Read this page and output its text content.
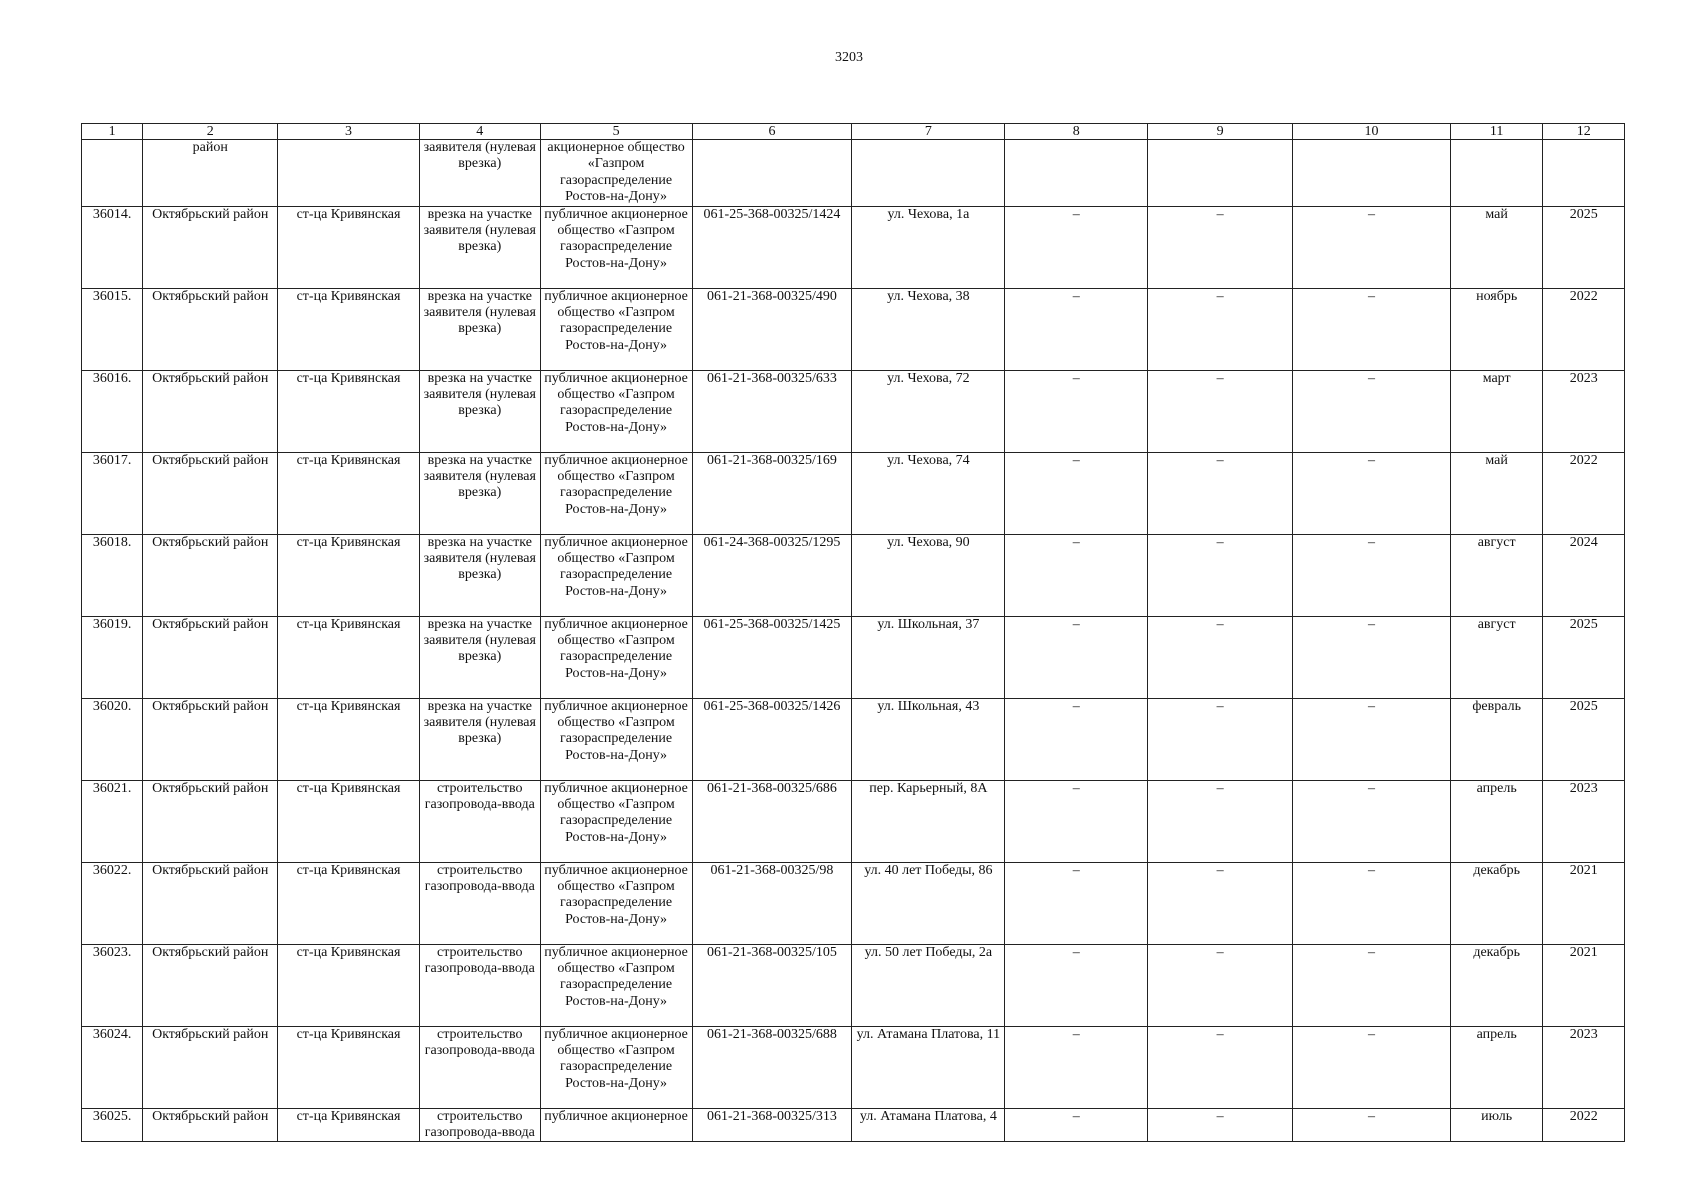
3203
1	2	3	4	5	6	7	8	9	10	11	12
	район		заявителя (нулевая врезка)	акционерное общество «Газпром газораспределение Ростов-на-Дону»							
36014.	Октябрьский район	ст-ца Кривянская	врезка на участке заявителя (нулевая врезка)	публичное акционерное общество «Газпром газораспределение Ростов-на-Дону»	061-25-368-00325/1424	ул. Чехова, 1а	–	–	–	май	2025
36015.	Октябрьский район	ст-ца Кривянская	врезка на участке заявителя (нулевая врезка)	публичное акционерное общество «Газпром газораспределение Ростов-на-Дону»	061-21-368-00325/490	ул. Чехова, 38	–	–	–	ноябрь	2022
36016.	Октябрьский район	ст-ца Кривянская	врезка на участке заявителя (нулевая врезка)	публичное акционерное общество «Газпром газораспределение Ростов-на-Дону»	061-21-368-00325/633	ул. Чехова, 72	–	–	–	март	2023
36017.	Октябрьский район	ст-ца Кривянская	врезка на участке заявителя (нулевая врезка)	публичное акционерное общество «Газпром газораспределение Ростов-на-Дону»	061-21-368-00325/169	ул. Чехова, 74	–	–	–	май	2022
36018.	Октябрьский район	ст-ца Кривянская	врезка на участке заявителя (нулевая врезка)	публичное акционерное общество «Газпром газораспределение Ростов-на-Дону»	061-24-368-00325/1295	ул. Чехова, 90	–	–	–	август	2024
36019.	Октябрьский район	ст-ца Кривянская	врезка на участке заявителя (нулевая врезка)	публичное акционерное общество «Газпром газораспределение Ростов-на-Дону»	061-25-368-00325/1425	ул. Школьная, 37	–	–	–	август	2025
36020.	Октябрьский район	ст-ца Кривянская	врезка на участке заявителя (нулевая врезка)	публичное акционерное общество «Газпром газораспределение Ростов-на-Дону»	061-25-368-00325/1426	ул. Школьная, 43	–	–	–	февраль	2025
36021.	Октябрьский район	ст-ца Кривянская	строительство газопровода-ввода	публичное акционерное общество «Газпром газораспределение Ростов-на-Дону»	061-21-368-00325/686	пер. Карьерный, 8А	–	–	–	апрель	2023
36022.	Октябрьский район	ст-ца Кривянская	строительство газопровода-ввода	публичное акционерное общество «Газпром газораспределение Ростов-на-Дону»	061-21-368-00325/98	ул. 40 лет Победы, 86	–	–	–	декабрь	2021
36023.	Октябрьский район	ст-ца Кривянская	строительство газопровода-ввода	публичное акционерное общество «Газпром газораспределение Ростов-на-Дону»	061-21-368-00325/105	ул. 50 лет Победы, 2а	–	–	–	декабрь	2021
36024.	Октябрьский район	ст-ца Кривянская	строительство газопровода-ввода	публичное акционерное общество «Газпром газораспределение Ростов-на-Дону»	061-21-368-00325/688	ул. Атамана Платова, 11	–	–	–	апрель	2023
36025.	Октябрьский район	ст-ца Кривянская	строительство газопровода-ввода	публичное акционерное	061-21-368-00325/313	ул. Атамана Платова, 4	–	–	–	июль	2022
